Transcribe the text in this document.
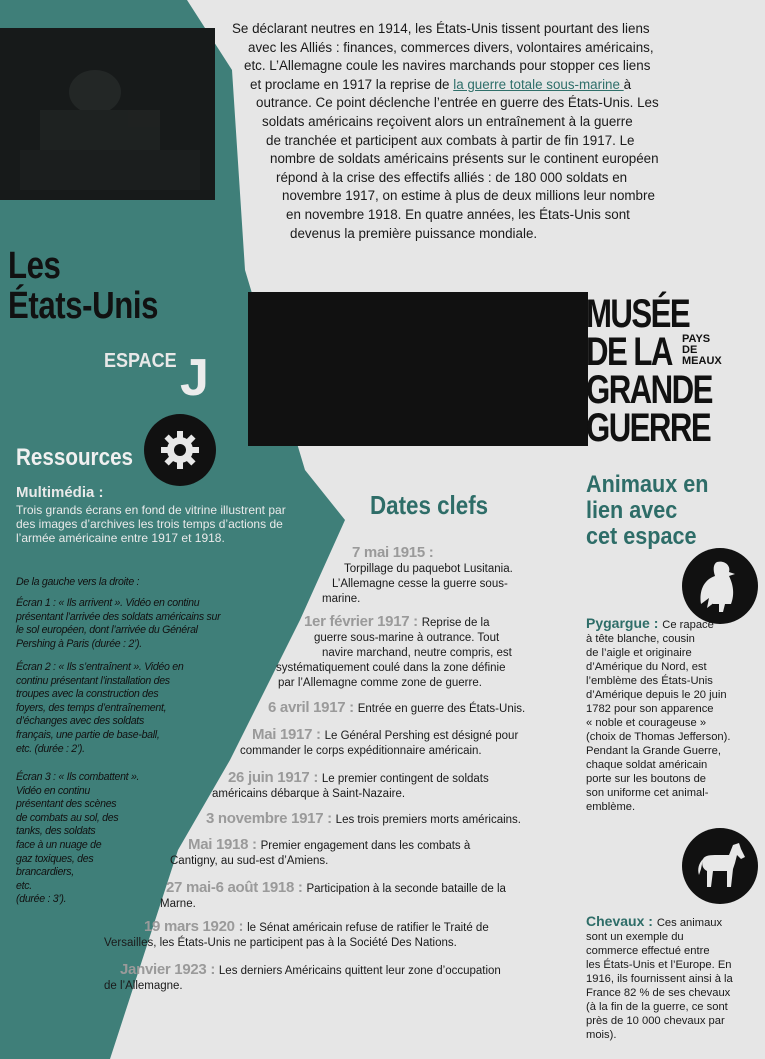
Se déclarant neutres en 1914, les États-Unis tissent pourtant des liens
avec les Alliés : finances, commerces divers, volontaires américains,
etc. L’Allemagne coule les navires marchands pour stopper ces liens
et proclame en 1917 la reprise de la guerre totale sous-marine à
outrance. Ce point déclenche l’entrée en guerre des États-Unis. Les
soldats américains reçoivent alors un entraînement à la guerre
de tranchée et participent aux combats à partir de fin 1917. Le
nombre de soldats américains présents sur le continent européen
répond à la crise des effectifs alliés : de 180 000 soldats en
novembre 1917, on estime à plus de deux millions leur nombre
en novembre 1918. En quatre années, les États-Unis sont
devenus la première puissance mondiale.
Les
États-Unis
ESPACE J
Ressources
Multimédia :
Trois grands écrans en fond de vitrine illustrent par des images d’archives les trois temps d’actions de l’armée américaine entre 1917 et 1918.
De la gauche vers la droite :
Écran 1 : « Ils arrivent ». Vidéo en continu
présentant l’arrivée des soldats américains sur
le sol européen, dont l’arrivée du Général
Pershing à Paris (durée : 2’).
Écran 2 : « Ils s’entraînent ». Vidéo en
continu présentant l’installation des
troupes avec la construction des
foyers, des temps d’entraînement,
d’échanges avec des soldats
français, une partie de base-ball,
etc. (durée : 2’).
Écran 3 : « Ils combattent ».
Vidéo en continu
présentant des scènes
de combats au sol, des
tanks, des soldats
face à un nuage de
gaz toxiques, des
brancardiers,
etc.
(durée : 3’).
MUSÉE
DE LA
GRANDE
GUERRE
PAYS
DE
MEAUX
Dates clefs
7 mai 1915 :
Torpillage du paquebot Lusitania.
L’Allemagne cesse la guerre sous-
marine.
1er février 1917 : Reprise de la
guerre sous-marine à outrance. Tout
navire marchand, neutre compris, est
systématiquement coulé dans la zone définie
par l’Allemagne comme zone de guerre.
6 avril 1917 : Entrée en guerre des États-Unis.
Mai 1917 : Le Général Pershing est désigné pour
commander le corps expéditionnaire américain.
26 juin 1917 : Le premier contingent de soldats
américains débarque à Saint-Nazaire.
3 novembre 1917 : Les trois premiers morts américains.
Mai 1918 : Premier engagement dans les combats à
Cantigny, au sud-est d’Amiens.
27 mai-6 août 1918 : Participation à la seconde bataille de la
Marne.
19 mars 1920 : le Sénat américain refuse de ratifier le Traité de
Versailles, les États-Unis ne participent pas à la Société Des Nations.
Janvier 1923 : Les derniers Américains quittent leur zone d’occupation
de l’Allemagne.
Animaux en
lien avec
cet espace
Pygargue : Ce rapace
à tête blanche, cousin
de l’aigle et originaire
d’Amérique du Nord, est
l’emblème des États-Unis
d’Amérique depuis le 20 juin
1782 pour son apparence
« noble et courageuse »
(choix de Thomas Jefferson).
Pendant la Grande Guerre,
chaque soldat américain
porte sur les boutons de
son uniforme cet animal-
emblème.
Chevaux : Ces animaux
sont un exemple du
commerce effectué entre
les États-Unis et l’Europe. En
1916, ils fournissent ainsi à la
France 82 % de ses chevaux
(à la fin de la guerre, ce sont
près de 10 000 chevaux par
mois).
